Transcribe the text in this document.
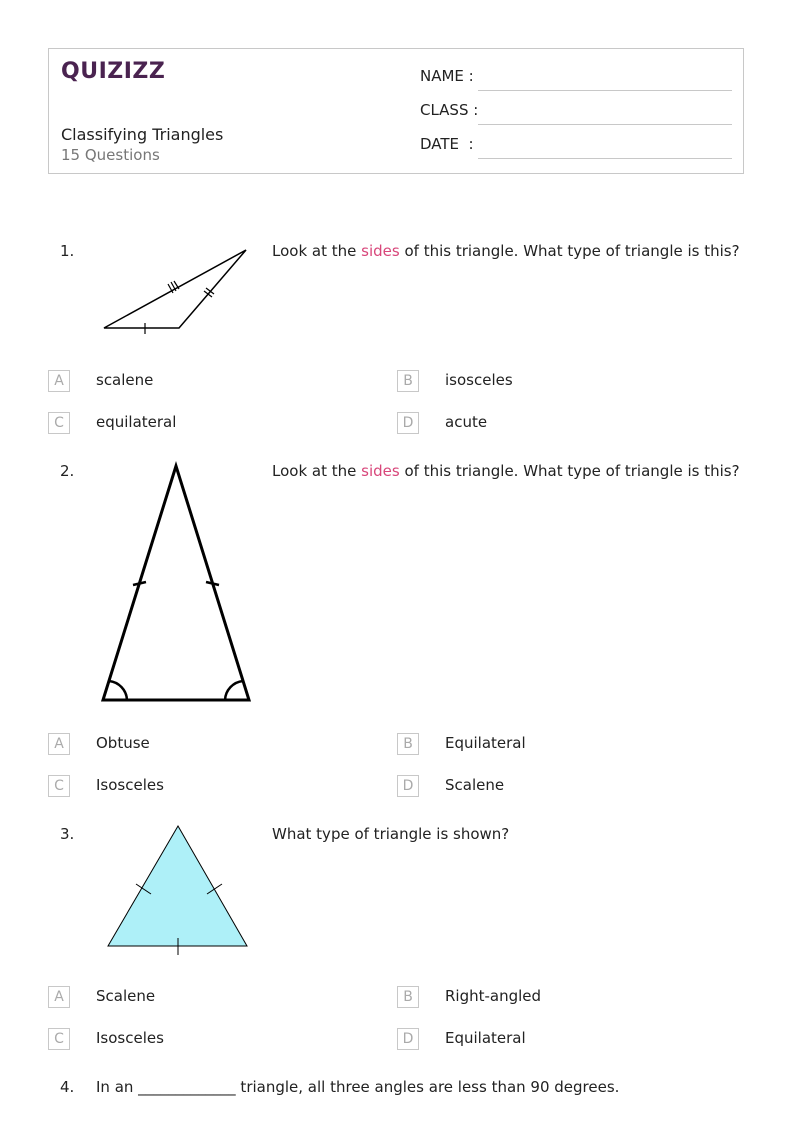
QUIZIZZ
Classifying Triangles
15 Questions
NAME :
CLASS :
DATE  :
1.	Look at the sides of this triangle. What type of triangle is this?
A	scalene	B	isosceles
C	equilateral	D	acute
2.	Look at the sides of this triangle. What type of triangle is this?
A	Obtuse	B	Equilateral
C	Isosceles	D	Scalene
3.	What type of triangle is shown?
A	Scalene	B	Right-angled
C	Isosceles	D	Equilateral
4. In an _____________ triangle, all three angles are less than 90 degrees.
